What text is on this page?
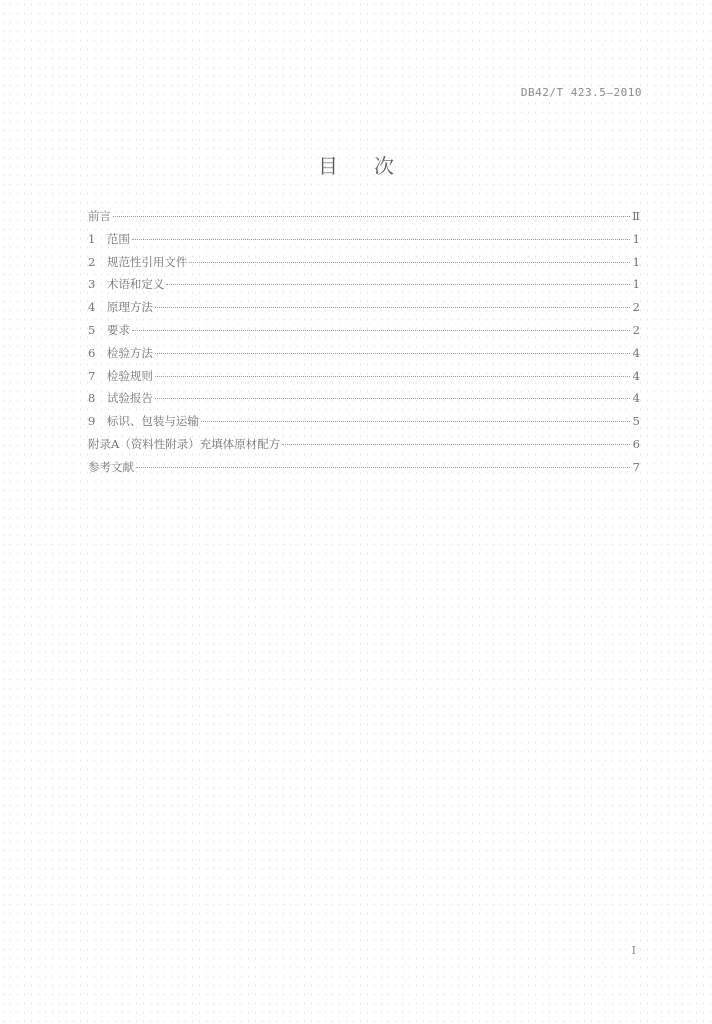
DB42/T 423.5—2010
目次
前言	Ⅱ
1　范围	1
2　规范性引用文件	1
3　术语和定义	1
4　原理方法	2
5　要求	2
6　检验方法	4
7　检验规则	4
8　试验报告	4
9　标识、包装与运输	5
附录A（资料性附录）充填体原材配方	6
参考文献	7
I
